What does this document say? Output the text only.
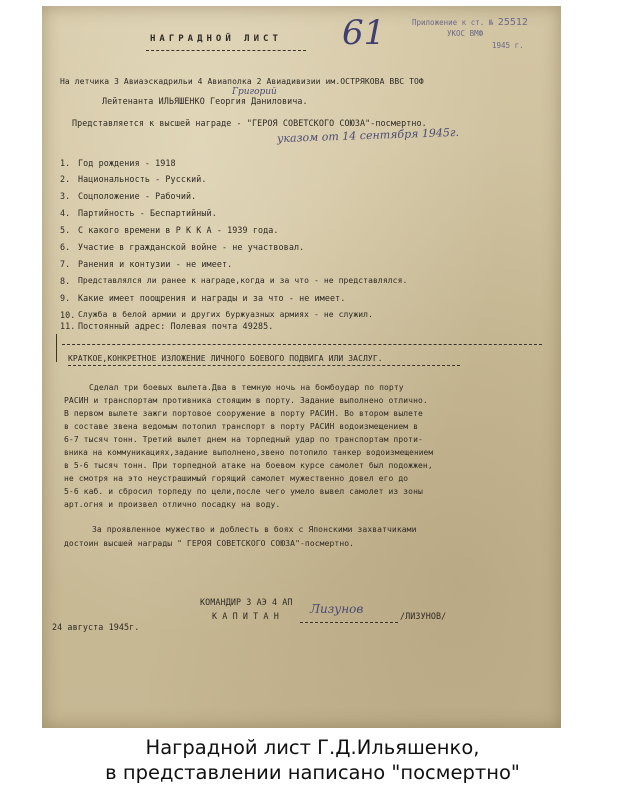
Приложение к ст. № 25512
УКОС ВМФ
1945 г.
НАГРАДНОЙ ЛИСТ 61
На летчика 3 Авиаэскадрильи 4 Авиаполка 2 Авиадивизии им.ОСТРЯКОВА ВВС ТОФ
Григорий
Лейтенанта ИЛЬЯШЕНКО Георгия Даниловича.
Представляется к высшей награде - "ГЕРОЯ СОВЕТСКОГО СОЮЗА"-посмертно.
указом от 14 сентября 1945г.
1. Год рождения - 1918
2. Национальность - Русский.
3. Соцположение - Рабочий.
4. Партийность - Беспартийный.
5. С какого времени в Р К К А - 1939 года.
6. Участие в гражданской войне - не участвовал.
7. Ранения и контузии - не имеет.
8. Представлялся ли ранее к награде,когда и за что - не представлялся.
9. Какие имеет поощрения и награды и за что - не имеет.
10. Служба в белой армии и других буржуазных армиях - не служил.
11. Постоянный адрес: Полевая почта 49285.
КРАТКОЕ,КОНКРЕТНОЕ ИЗЛОЖЕНИЕ ЛИЧНОГО БОЕВОГО ПОДВИГА ИЛИ ЗАСЛУГ.
Сделал три боевых вылета.Два в темную ночь на бомбоудар по порту
РАСИН и транспортам противника стоящим в порту. Задание выполнено отлично.
В первом вылете зажги портовое сооружение в порту РАСИН. Во втором вылете
в составе звена ведомым потопил транспорт в порту РАСИН водоизмещением в
6-7 тысяч тонн. Третий вылет днем на торпедный удар по транспортам проти-
вника на коммуникациях,задание выполнено,звено потопило танкер водоизмещением
в 5-6 тысяч тонн. При торпедной атаке на боевом курсе самолет был подожжен,
не смотря на это неустрашимый горящий самолет мужественно довел его до
5-6 каб. и сбросил торпеду по цели,после чего умело вывел самолет из зоны
арт.огня и произвел отлично посадку на воду.
За проявленное мужество и доблесть в боях с Японскими захватчиками
достоин высшей награды " ГЕРОЯ СОВЕТСКОГО СОЮЗА"-посмертно.
КОМАНДИР 3 АЭ 4 АП
К А П И Т А Н	Лизунов	/ЛИЗУНОВ/
24 августа 1945г.
Наградной лист Г.Д.Ильяшенко,
в представлении написано "посмертно"
